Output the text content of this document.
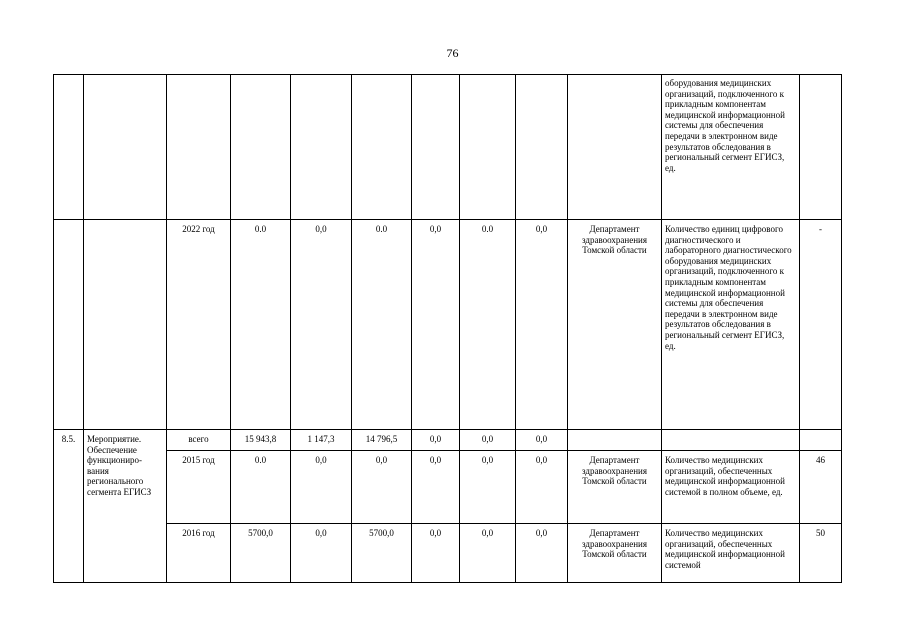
76
										оборудования медицинских организаций, подключенного к прикладным компонентам медицинской информационной системы для обеспечения передачи в электронном виде результатов обследования в региональный сегмент ЕГИСЗ, ед.	
		2022 год	0.0	0,0	0.0	0,0	0.0	0,0	Департамент здравоохранения Томской области	Количество единиц цифрового диагностического и лабораторного диагностического оборудования медицинских организаций, подключенного к прикладным компонентам медицинской информационной системы для обеспечения передачи в электронном виде результатов обследования в региональный сегмент ЕГИСЗ, ед.	-
8.5.	Мероприятие. Обеспечение функциониро- вания регионального сегмента ЕГИСЗ	всего	15 943,8	1 147,3	14 796,5	0,0	0,0	0,0			
		2015 год	0.0	0,0	0,0	0,0	0,0	0,0	Департамент здравоохранения Томской области	Количество медицинских организаций, обеспеченных медицинской информационной системой в полном объеме, ед.	46
		2016 год	5700,0	0,0	5700,0	0,0	0,0	0,0	Департамент здравоохранения Томской области	Количество медицинских организаций, обеспеченных медицинской информационной системой	50
